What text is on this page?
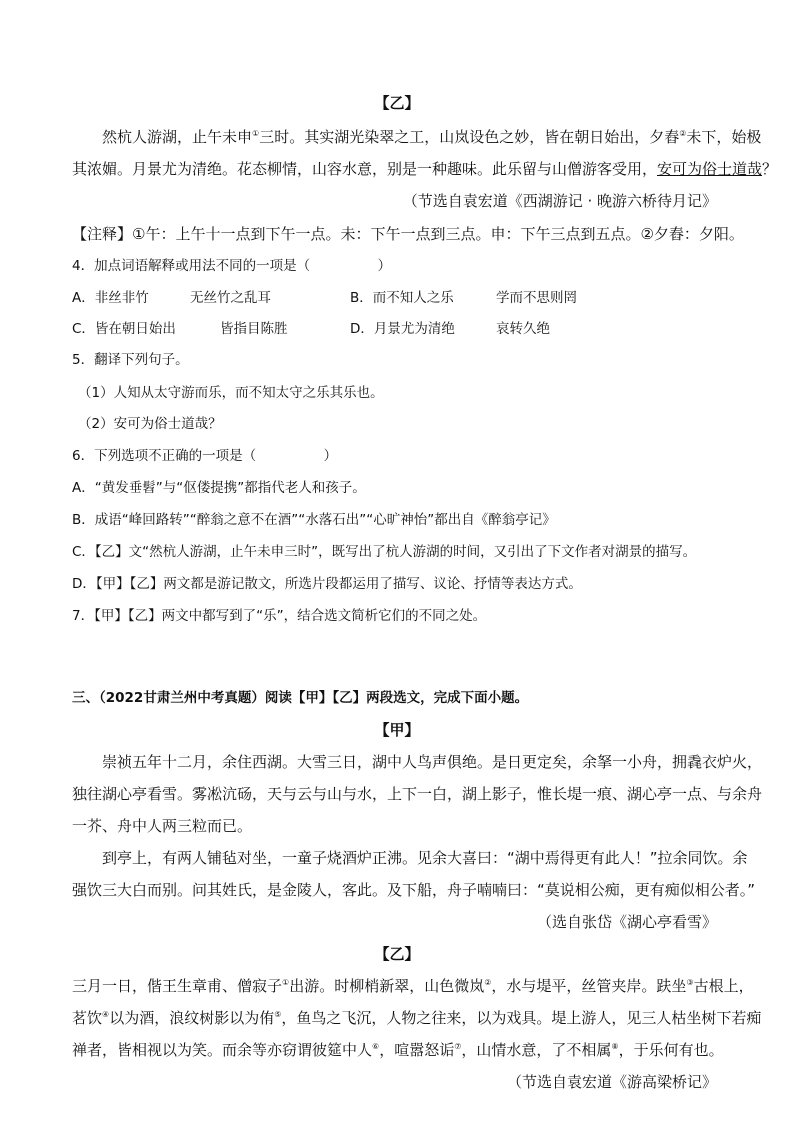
【乙】
然杭人游湖，止午未申①三时。其实湖光染翠之工，山岚设色之妙，皆在朝日始出，夕舂②未下，始极
其浓媚。月景尤为清绝。花态柳情，山容水意，别是一种趣味。此乐留与山僧游客受用，安可为俗士道哉？
（节选自袁宏道《西湖游记 · 晚游六桥待月记》
【注释】①午：上午十一点到下午一点。未：下午一点到三点。申：下午三点到五点。②夕舂：夕阳。
4．加点词语解释或用法不同的一项是（　　　　　）
A．非丝非竹	无丝竹之乱耳	B．而不知人之乐	学而不思则罔
C．皆在朝日始出	皆指目陈胜	D．月景尤为清绝	哀转久绝
5．翻译下列句子。
（1）人知从太守游而乐，而不知太守之乐其乐也。
（2）安可为俗士道哉？
6．下列选项不正确的一项是（　　　　　）
A．“黄发垂髫”与“伛偻提携”都指代老人和孩子。
B．成语“峰回路转”“醉翁之意不在酒”“水落石出”“心旷神怡”都出自《醉翁亭记》
C．【乙】文“然杭人游湖，止午未申三时”，既写出了杭人游湖的时间，又引出了下文作者对湖景的描写。
D．【甲】【乙】两文都是游记散文，所选片段都运用了描写、议论、抒情等表达方式。
7．【甲】【乙】两文中都写到了“乐”，结合选文简析它们的不同之处。
三、（2022甘肃兰州中考真题）阅读【甲】【乙】两段选文，完成下面小题。
【甲】
崇祯五年十二月，余住西湖。大雪三日，湖中人鸟声俱绝。是日更定矣，余拏一小舟，拥毳衣炉火，
独往湖心亭看雪。雾凇沆砀，天与云与山与水，上下一白，湖上影子，惟长堤一痕、湖心亭一点、与余舟
一芥、舟中人两三粒而已。
到亭上，有两人铺毡对坐，一童子烧酒炉正沸。见余大喜曰：“湖中焉得更有此人！”拉余同饮。余
强饮三大白而别。问其姓氏，是金陵人，客此。及下船，舟子喃喃曰：“莫说相公痴，更有痴似相公者。”
（选自张岱《湖心亭看雪》
【乙】
三月一日，偕王生章甫、僧寂子①出游。时柳梢新翠，山色微岚②，水与堤平，丝管夹岸。趺坐③古根上，
茗饮④以为酒，浪纹树影以为侑⑤，鱼鸟之飞沉，人物之往来，以为戏具。堤上游人，见三人枯坐树下若痴
禅者，皆相视以为笑。而余等亦窃谓彼筵中人⑥，喧嚣怒诟⑦，山情水意，了不相属⑧，于乐何有也。
（节选自袁宏道《游高梁桥记》
